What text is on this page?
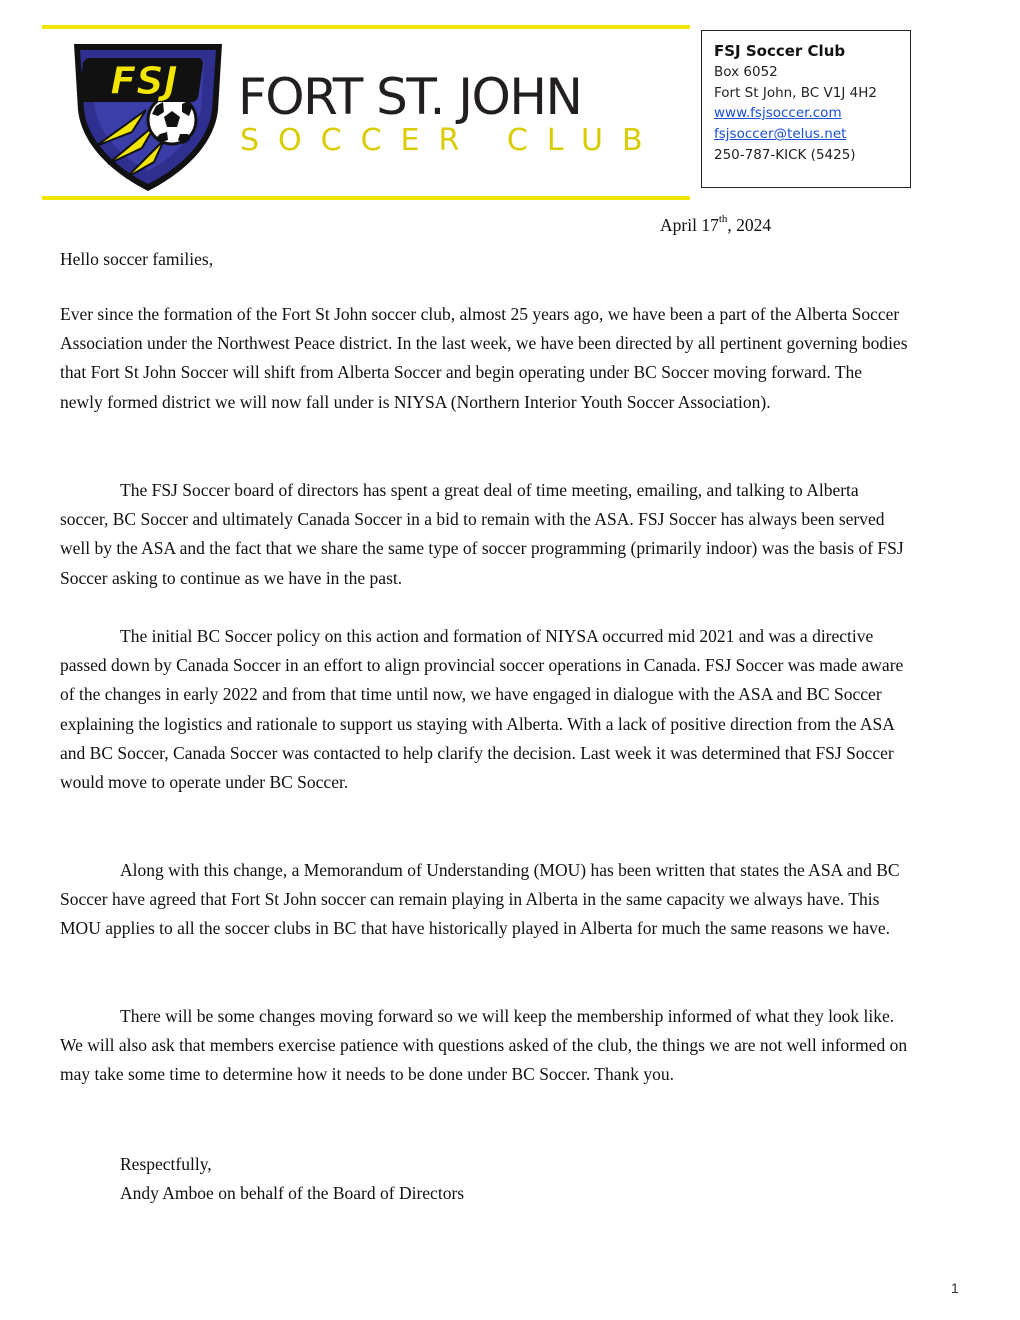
FSJ FORT ST. JOHN
SOCCER CLUB
FSJ Soccer Club
Box 6052
Fort St John, BC V1J 4H2
www.fsjsoccer.com
fsjsoccer@telus.net
250-787-KICK (5425)
April 17th, 2024
Hello soccer families,

Ever since the formation of the Fort St John soccer club, almost 25 years ago, we have been a part of the Alberta Soccer Association under the Northwest Peace district. In the last week, we have been directed by all pertinent governing bodies that Fort St John Soccer will shift from Alberta Soccer and begin operating under BC Soccer moving forward. The newly formed district we will now fall under is NIYSA (Northern Interior Youth Soccer Association).

The FSJ Soccer board of directors has spent a great deal of time meeting, emailing, and talking to Alberta soccer, BC Soccer and ultimately Canada Soccer in a bid to remain with the ASA. FSJ Soccer has always been served well by the ASA and the fact that we share the same type of soccer programming (primarily indoor) was the basis of FSJ Soccer asking to continue as we have in the past.

The initial BC Soccer policy on this action and formation of NIYSA occurred mid 2021 and was a directive passed down by Canada Soccer in an effort to align provincial soccer operations in Canada. FSJ Soccer was made aware of the changes in early 2022 and from that time until now, we have engaged in dialogue with the ASA and BC Soccer explaining the logistics and rationale to support us staying with Alberta. With a lack of positive direction from the ASA and BC Soccer, Canada Soccer was contacted to help clarify the decision. Last week it was determined that FSJ Soccer would move to operate under BC Soccer.

Along with this change, a Memorandum of Understanding (MOU) has been written that states the ASA and BC Soccer have agreed that Fort St John soccer can remain playing in Alberta in the same capacity we always have. This MOU applies to all the soccer clubs in BC that have historically played in Alberta for much the same reasons we have.

There will be some changes moving forward so we will keep the membership informed of what they look like. We will also ask that members exercise patience with questions asked of the club, the things we are not well informed on may take some time to determine how it needs to be done under BC Soccer. Thank you.

Respectfully,
Andy Amboe on behalf of the Board of Directors
1
